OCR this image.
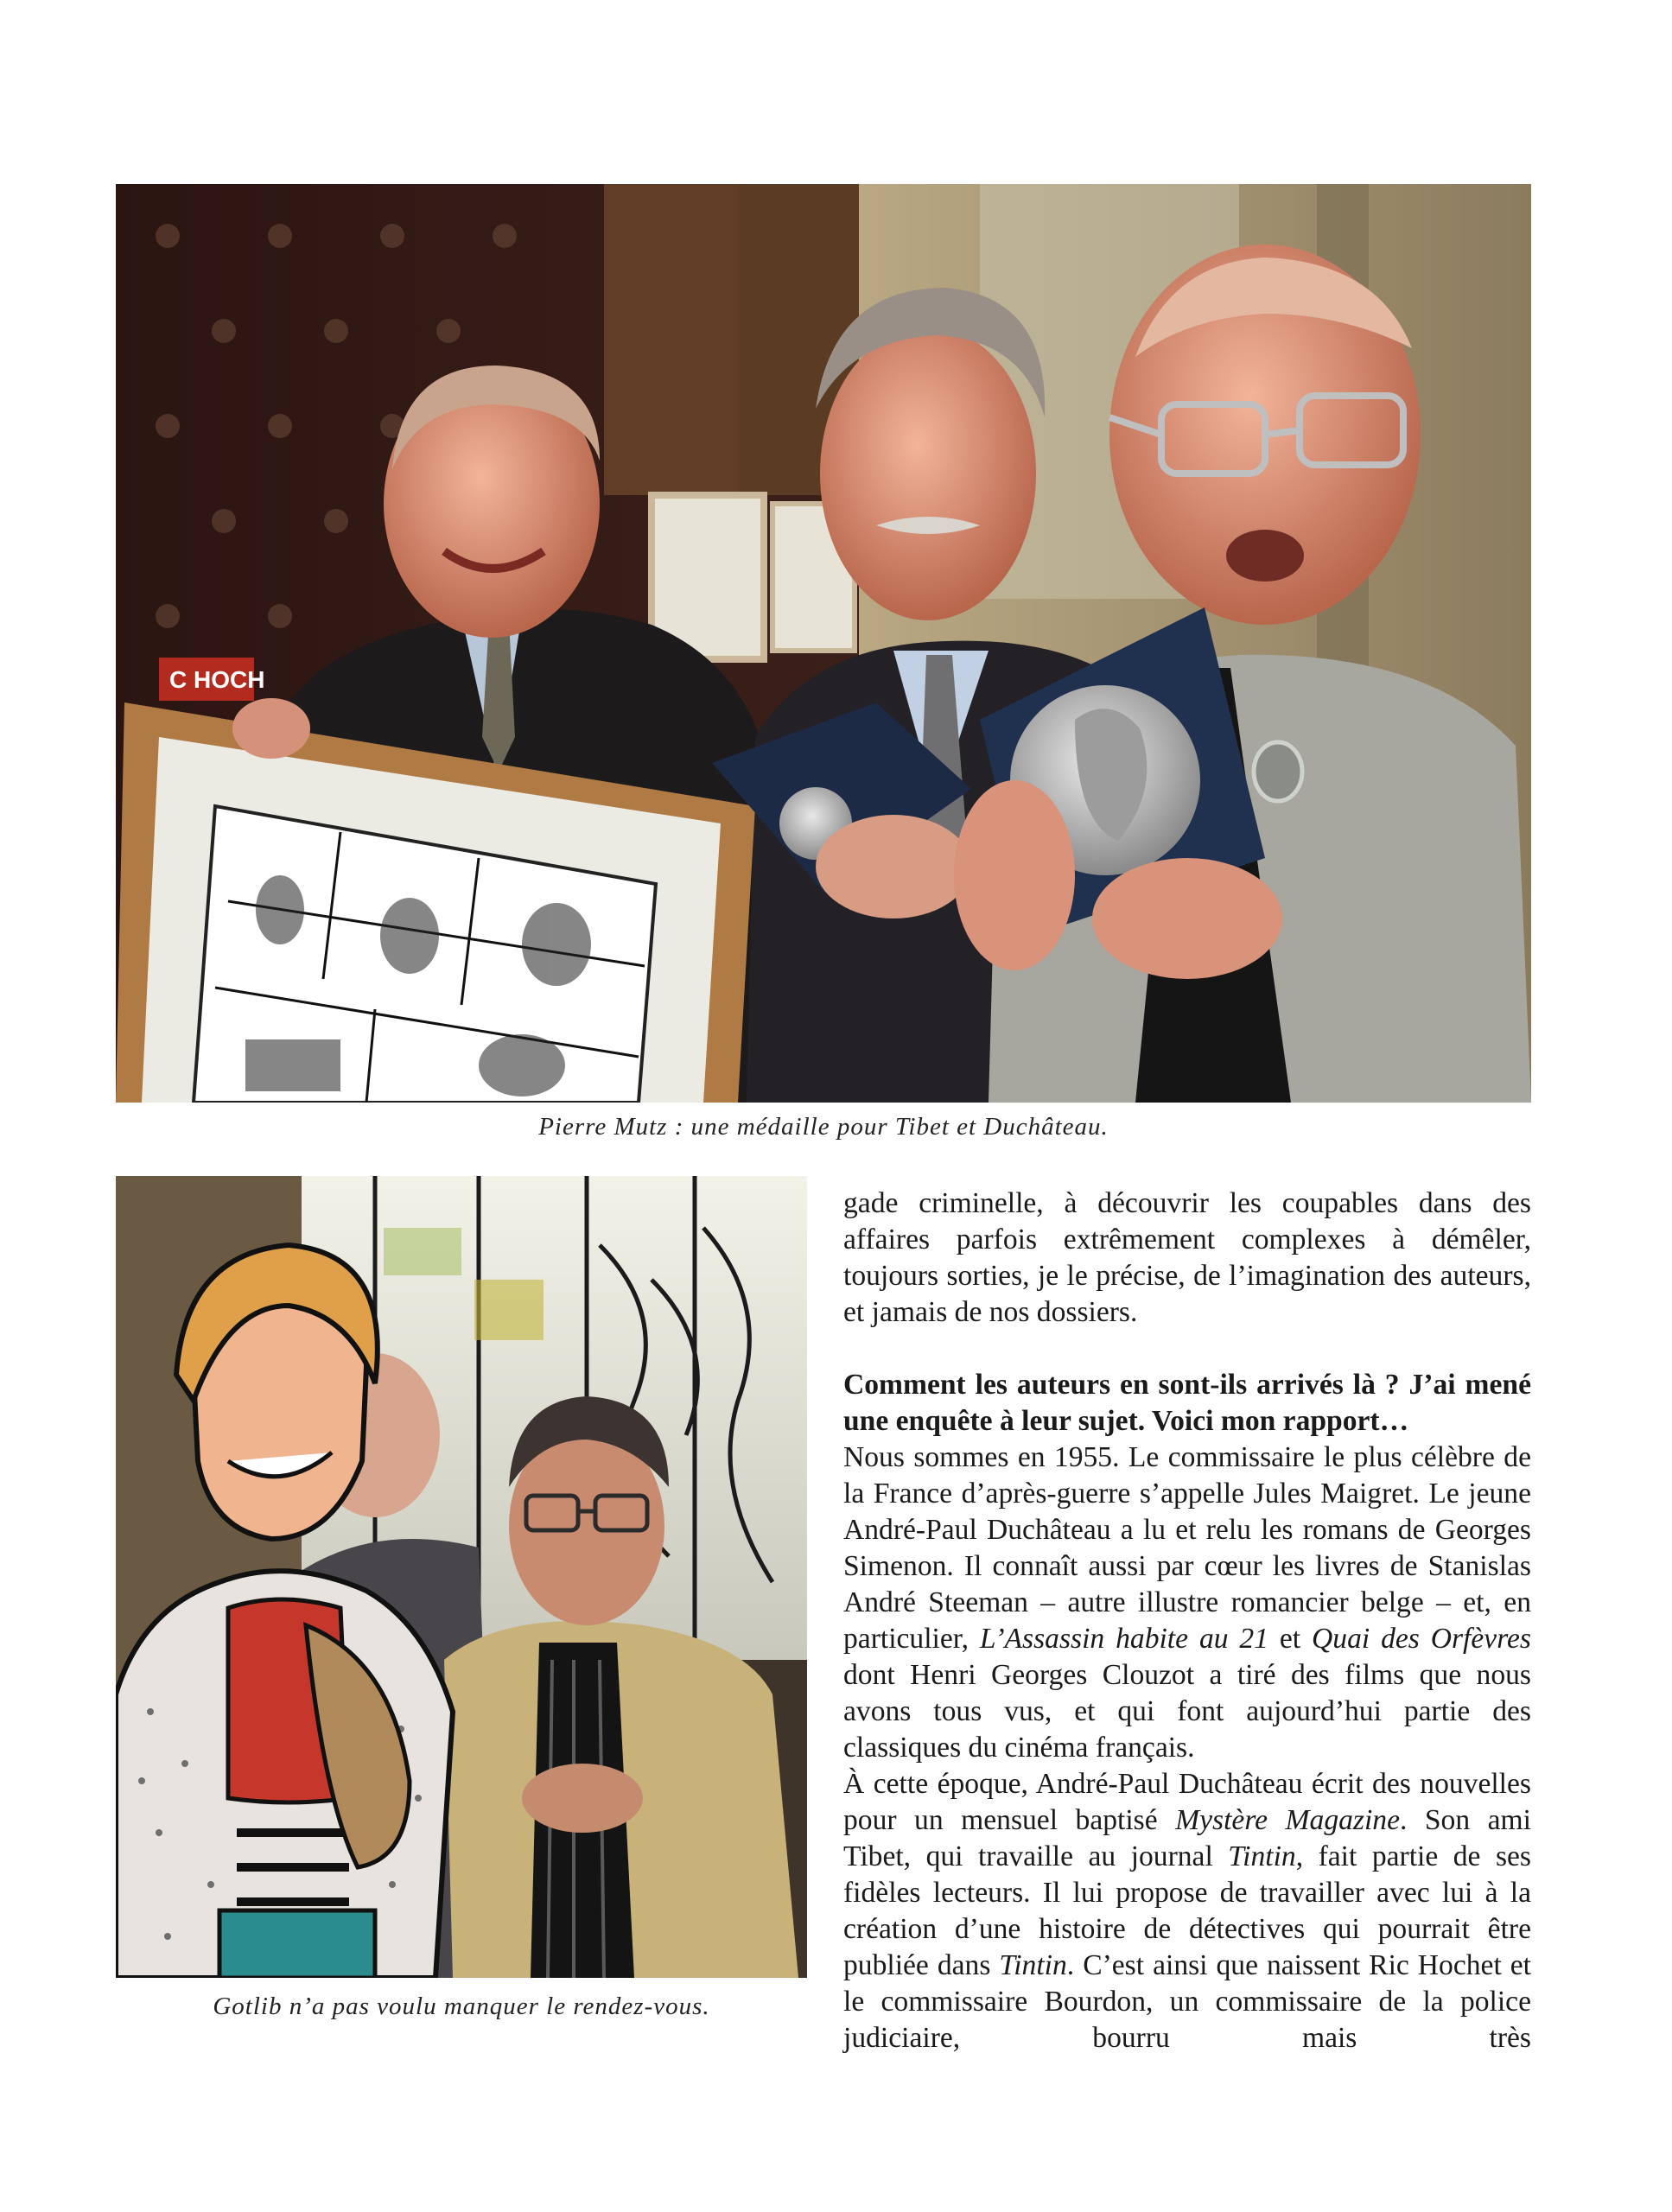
C HOCH
Pierre Mutz : une médaille pour Tibet et Duchâteau.
Gotlib n’a pas voulu manquer le rendez-vous.

gade criminelle, à découvrir les coupables dans des affaires parfois extrêmement complexes à démêler, toujours sorties, je le précise, de l’imagination des auteurs, et jamais de nos dossiers.

Comment les auteurs en sont-ils arrivés là ? J’ai mené une enquête à leur sujet. Voici mon rapport…

Nous sommes en 1955. Le commissaire le plus célèbre de la France d’après-guerre s’appelle Jules Maigret. Le jeune André-Paul Duchâteau a lu et relu les romans de Georges Simenon. Il connaît aussi par cœur les livres de Stanislas André Steeman – autre illustre romancier belge – et, en particulier, L’Assassin habite au 21 et Quai des Orfèvres dont Henri Georges Clouzot a tiré des films que nous avons tous vus, et qui font aujourd’hui partie des classiques du cinéma français.

À cette époque, André-Paul Duchâteau écrit des nouvelles pour un mensuel baptisé Mystère Magazine. Son ami Tibet, qui travaille au journal Tintin, fait partie de ses fidèles lecteurs. Il lui propose de travailler avec lui à la création d’une histoire de détectives qui pourrait être publiée dans Tintin. C’est ainsi que naissent Ric Hochet et le commissaire Bourdon, un commissaire de la police judiciaire, bourru mais très
